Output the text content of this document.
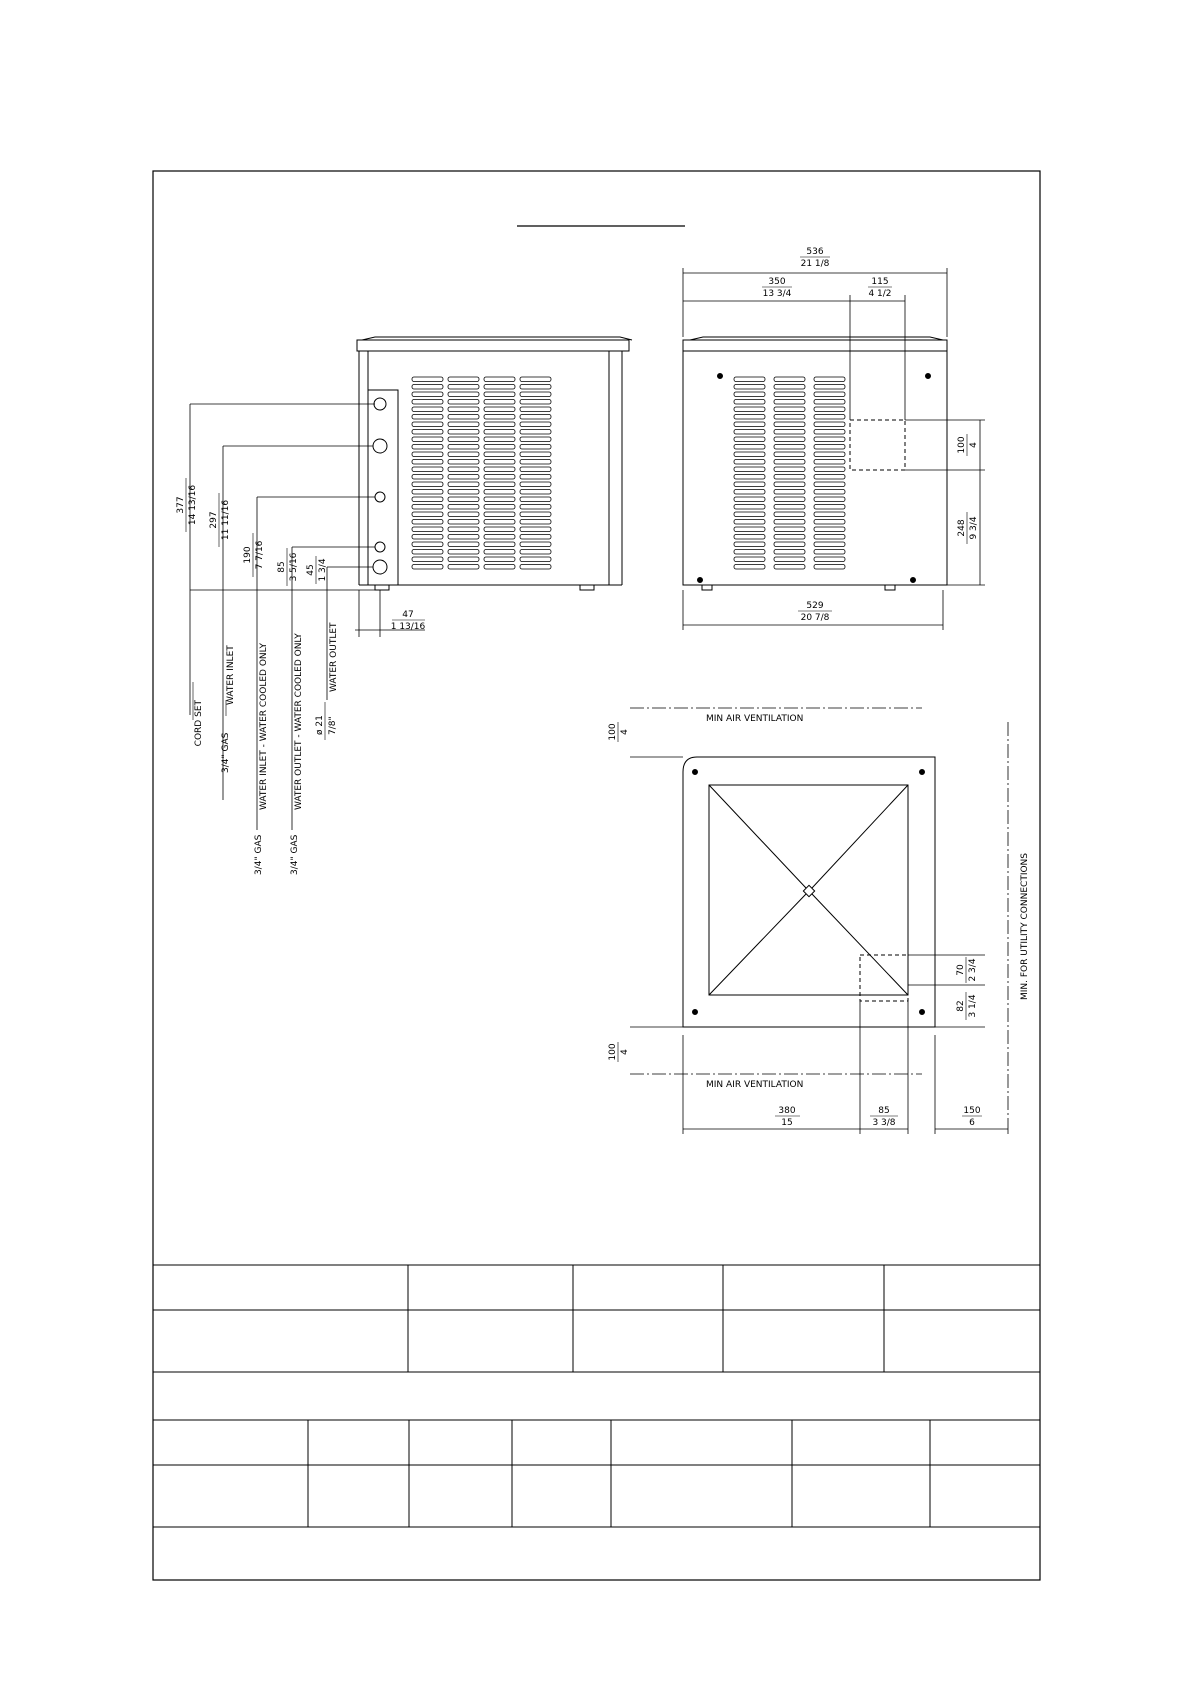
377 14 13/16 297 11 11/16
190 7 7/16 85 3 5/16 45 1 3/4
47
1 13/16
CORD SET
3/4" GAS
WATER INLET
3/4" GAS
WATER INLET - WATER COOLED ONLY
3/4" GAS
WATER OUTLET - WATER COOLED ONLY ø 21 7/8"
WATER OUTLET
536
21 1/8
350
13 3/4
115
4 1/2
100 4
248 9 3/4
529
20 7/8
100 4
100 4
70 2 3/4
82 3 1/4
380
15
85
3 3/8
150
6
MIN AIR VENTILATION
MIN AIR VENTILATION
MIN. FOR UTILITY CONNECTIONS
